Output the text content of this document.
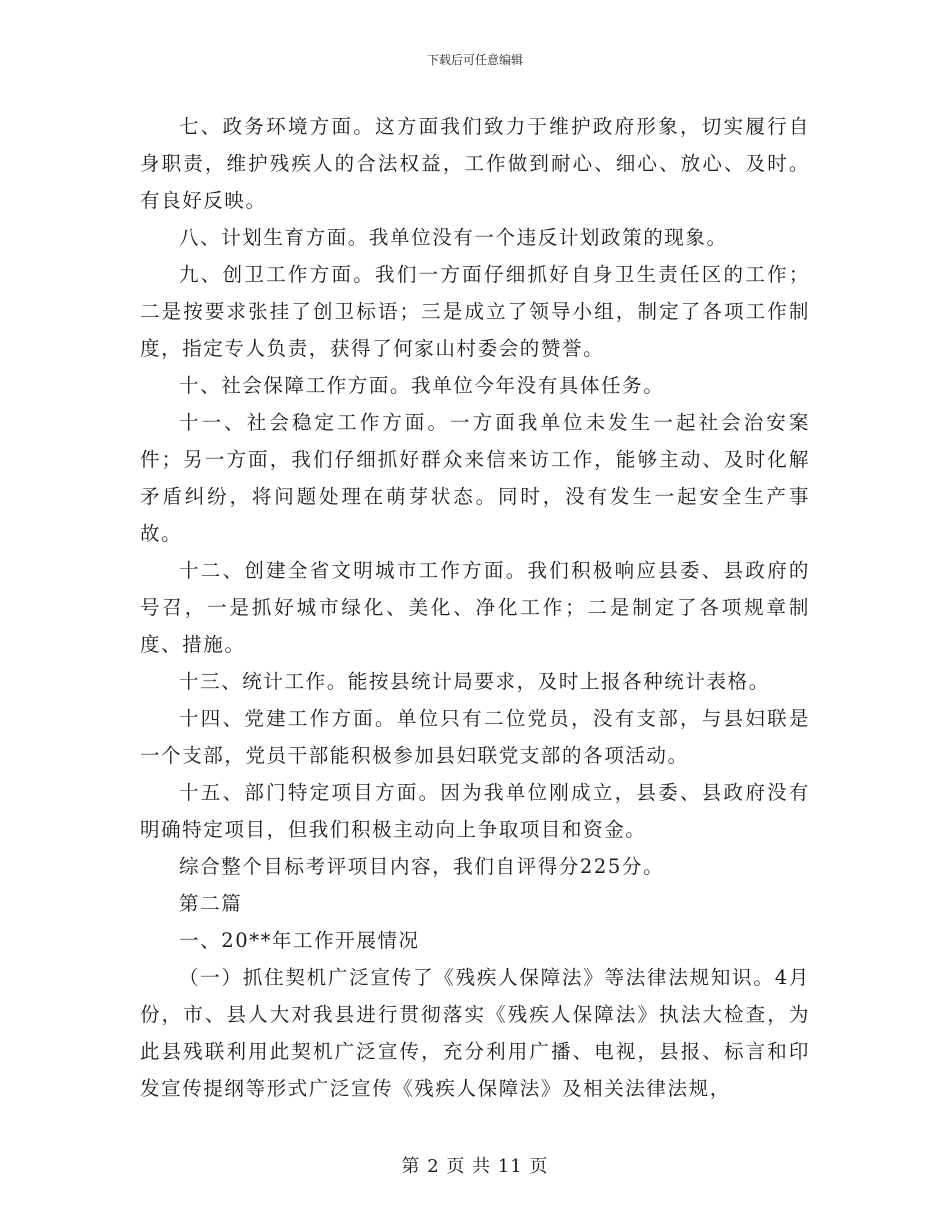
下载后可任意编辑

七、政务环境方面。这方面我们致力于维护政府形象，切实履行自身职责，维护残疾人的合法权益，工作做到耐心、细心、放心、及时。有良好反映。

八、计划生育方面。我单位没有一个违反计划政策的现象。

九、创卫工作方面。我们一方面仔细抓好自身卫生责任区的工作；二是按要求张挂了创卫标语；三是成立了领导小组，制定了各项工作制度，指定专人负责，获得了何家山村委会的赞誉。

十、社会保障工作方面。我单位今年没有具体任务。

十一、社会稳定工作方面。一方面我单位未发生一起社会治安案件；另一方面，我们仔细抓好群众来信来访工作，能够主动、及时化解矛盾纠纷，将问题处理在萌芽状态。同时，没有发生一起安全生产事故。

十二、创建全省文明城市工作方面。我们积极响应县委、县政府的号召，一是抓好城市绿化、美化、净化工作；二是制定了各项规章制度、措施。

十三、统计工作。能按县统计局要求，及时上报各种统计表格。

十四、党建工作方面。单位只有二位党员，没有支部，与县妇联是一个支部，党员干部能积极参加县妇联党支部的各项活动。

十五、部门特定项目方面。因为我单位刚成立，县委、县政府没有明确特定项目，但我们积极主动向上争取项目和资金。

综合整个目标考评项目内容，我们自评得分225分。

第二篇

一、20**年工作开展情况

（一）抓住契机广泛宣传了《残疾人保障法》等法律法规知识。4月份，市、县人大对我县进行贯彻落实《残疾人保障法》执法大检查，为此县残联利用此契机广泛宣传，充分利用广播、电视，县报、标言和印发宣传提纲等形式广泛宣传《残疾人保障法》及相关法律法规，

第 2 页 共 11 页
